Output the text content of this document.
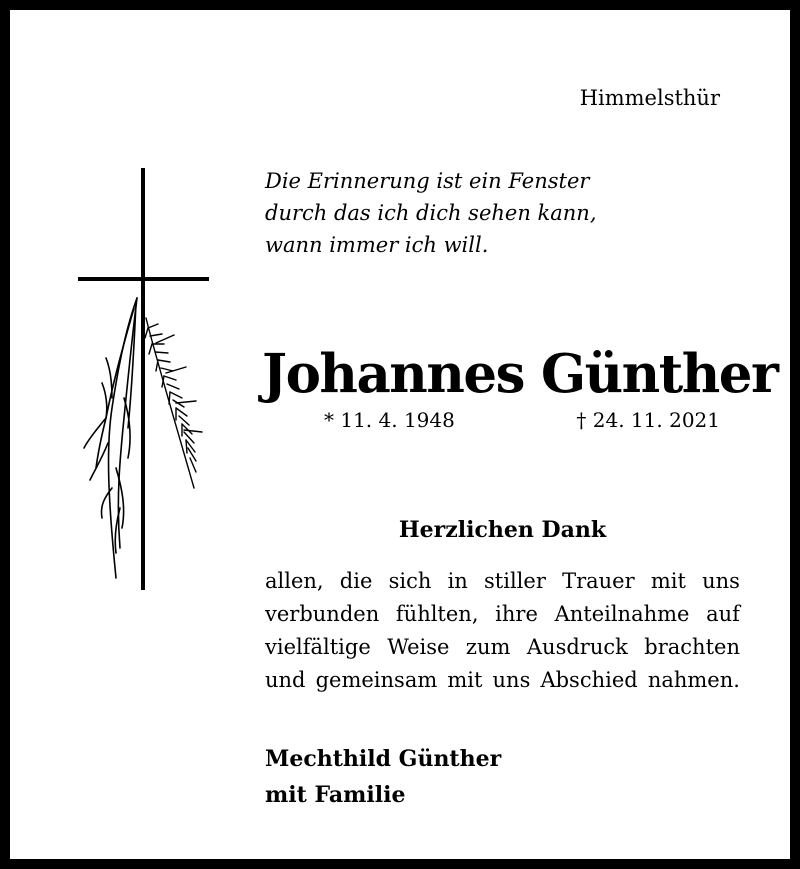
Himmelsthür
Die Erinnerung ist ein Fenster
durch das ich dich sehen kann,
wann immer ich will.
Johannes Günther
* 11. 4. 1948	† 24. 11. 2021
Herzlichen Dank
allen, die sich in stiller Trauer mit uns
verbunden fühlten, ihre Anteilnahme auf
vielfältige Weise zum Ausdruck brachten
und gemeinsam mit uns Abschied nahmen.
Mechthild Günther
mit Familie
